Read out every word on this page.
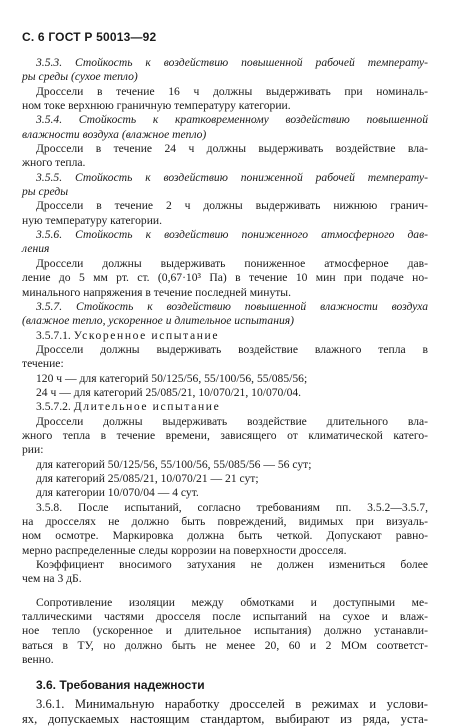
С. 6 ГОСТ Р 50013—92
3.5.3. Стойкость к воздействию повышенной рабочей температу-
ры среды (сухое тепло)
Дроссели в течение 16 ч должны выдерживать при номиналь-
ном токе верхнюю граничную температуру категории.
3.5.4. Стойкость к кратковременному воздействию повышенной
влажности воздуха (влажное тепло)
Дроссели в течение 24 ч должны выдерживать воздействие вла-
жного тепла.
3.5.5. Стойкость к воздействию пониженной рабочей температу-
ры среды
Дроссели в течение 2 ч должны выдерживать нижнюю гранич-
ную температуру категории.
3.5.6. Стойкость к воздействию пониженного атмосферного дав-
ления
Дроссели должны выдерживать пониженное атмосферное дав-
ление до 5 мм рт. ст. (0,67·10³ Па) в течение 10 мин при подаче но-
минального напряжения в течение последней минуты.
3.5.7. Стойкость к воздействию повышенной влажности воздуха
(влажное тепло, ускоренное и длительное испытания)
3.5.7.1. Ускоренное испытание
Дроссели должны выдерживать воздействие влажного тепла в
течение:
120 ч — для категорий 50/125/56, 55/100/56, 55/085/56;
24 ч — для категорий 25/085/21, 10/070/21, 10/070/04.
3.5.7.2. Длительное испытание
Дроссели должны выдерживать воздействие длительного вла-
жного тепла в течение времени, зависящего от климатической катего-
рии:
для категорий 50/125/56, 55/100/56, 55/085/56 — 56 сут;
для категорий 25/085/21, 10/070/21 — 21 сут;
для категории 10/070/04 — 4 сут.
3.5.8. После испытаний, согласно требованиям пп. 3.5.2—3.5.7,
на дросселях не должно быть повреждений, видимых при визуаль-
ном осмотре. Маркировка должна быть четкой. Допускают равно-
мерно распределенные следы коррозии на поверхности дросселя.
Коэффициент вносимого затухания не должен измениться более
чем на 3 дБ.
Сопротивление изоляции между обмотками и доступными ме-
таллическими частями дросселя после испытаний на сухое и влаж-
ное тепло (ускоренное и длительное испытания) должно устанавли-
ваться в ТУ, но должно быть не менее 20, 60 и 2 МОм соответст-
венно.
3.6. Требования надежности
3.6.1. Минимальную наработку дросселей в режимах и услови-
ях, допускаемых настоящим стандартом, выбирают из ряда, уста-
